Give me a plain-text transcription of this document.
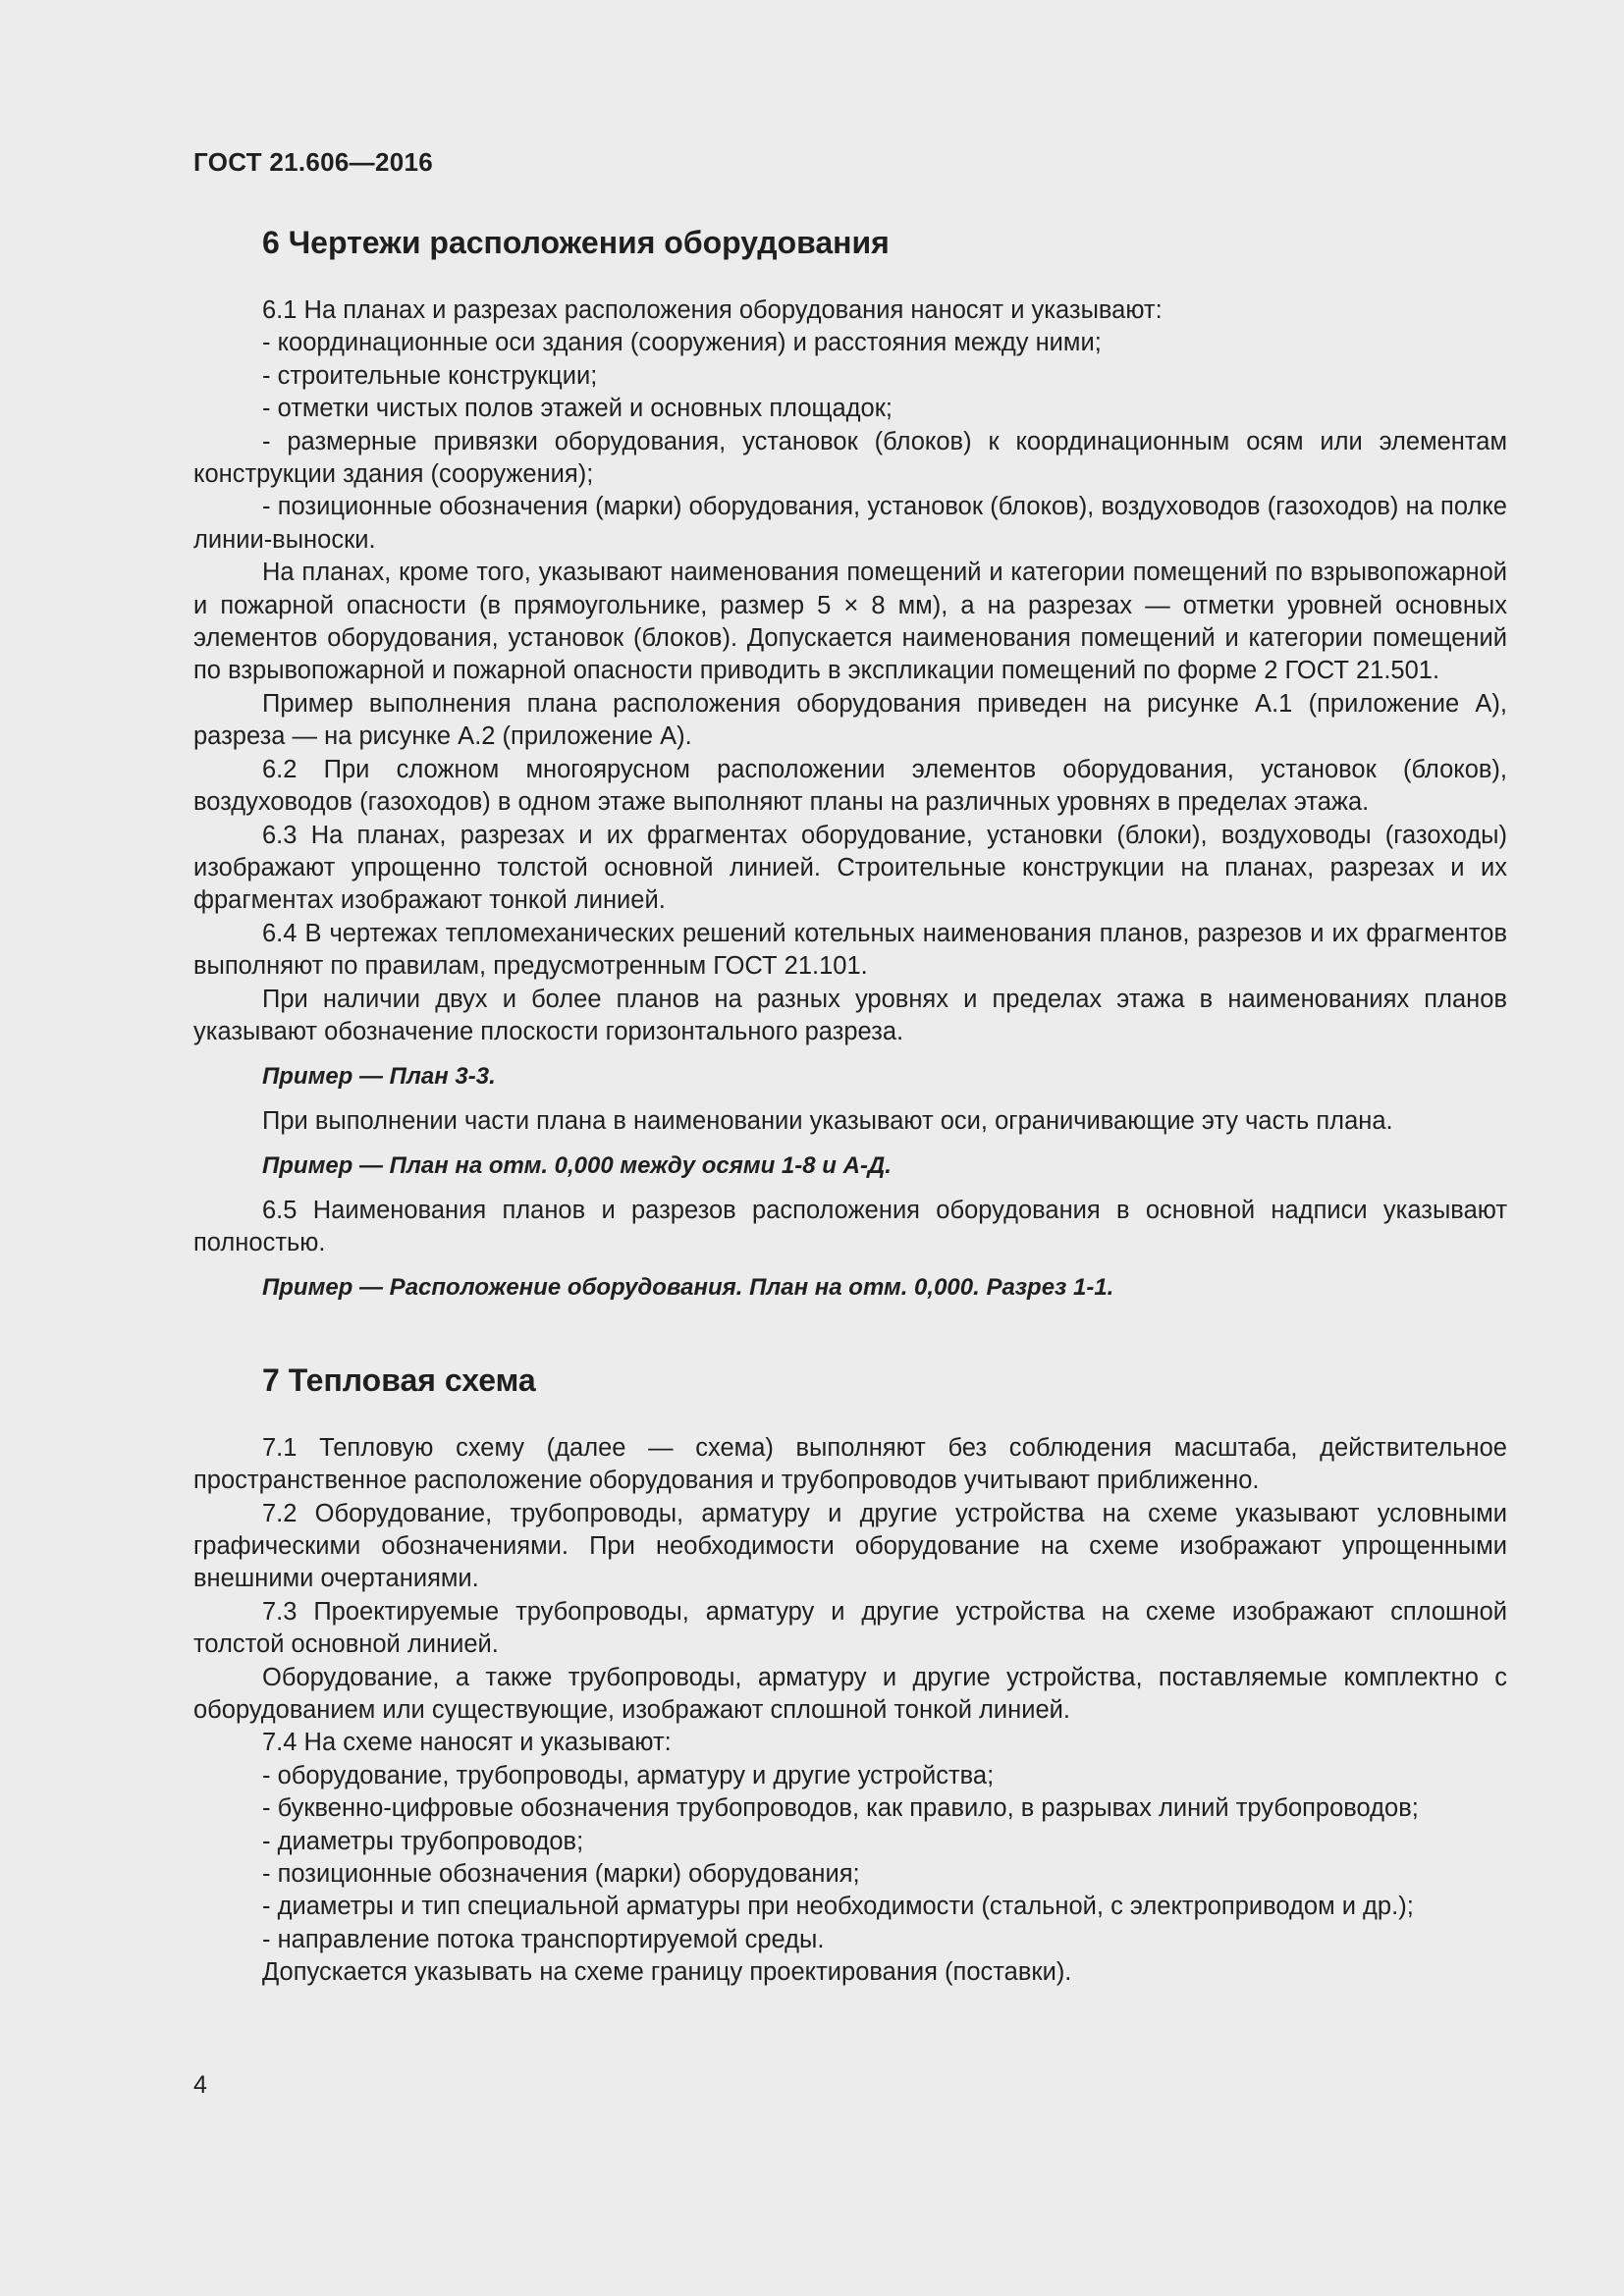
ГОСТ 21.606—2016

6 Чертежи расположения оборудования

6.1 На планах и разрезах расположения оборудования наносят и указывают:

- координационные оси здания (сооружения) и расстояния между ними;

- строительные конструкции;

- отметки чистых полов этажей и основных площадок;

- размерные привязки оборудования, установок (блоков) к координационным осям или элементам конструкции здания (сооружения);

- позиционные обозначения (марки) оборудования, установок (блоков), воздуховодов (газоходов) на полке линии-выноски.

На планах, кроме того, указывают наименования помещений и категории помещений по взрывопожарной и пожарной опасности (в прямоугольнике, размер 5 × 8 мм), а на разрезах — отметки уровней основных элементов оборудования, установок (блоков). Допускается наименования помещений и категории помещений по взрывопожарной и пожарной опасности приводить в экспликации помещений по форме 2 ГОСТ 21.501.

Пример выполнения плана расположения оборудования приведен на рисунке А.1 (приложение А), разреза — на рисунке А.2 (приложение А).

6.2 При сложном многоярусном расположении элементов оборудования, установок (блоков), воздуховодов (газоходов) в одном этаже выполняют планы на различных уровнях в пределах этажа.

6.3 На планах, разрезах и их фрагментах оборудование, установки (блоки), воздуховоды (газоходы) изображают упрощенно толстой основной линией. Строительные конструкции на планах, разрезах и их фрагментах изображают тонкой линией.

6.4 В чертежах тепломеханических решений котельных наименования планов, разрезов и их фрагментов выполняют по правилам, предусмотренным ГОСТ 21.101.

При наличии двух и более планов на разных уровнях и пределах этажа в наименованиях планов указывают обозначение плоскости горизонтального разреза.

Пример — План 3-3.

При выполнении части плана в наименовании указывают оси, ограничивающие эту часть плана.

Пример — План на отм. 0,000 между осями 1-8 и А-Д.

6.5 Наименования планов и разрезов расположения оборудования в основной надписи указывают полностью.

Пример — Расположение оборудования. План на отм. 0,000. Разрез 1-1.

7 Тепловая схема

7.1 Тепловую схему (далее — схема) выполняют без соблюдения масштаба, действительное пространственное расположение оборудования и трубопроводов учитывают приближенно.

7.2 Оборудование, трубопроводы, арматуру и другие устройства на схеме указывают условными графическими обозначениями. При необходимости оборудование на схеме изображают упрощенными внешними очертаниями.

7.3 Проектируемые трубопроводы, арматуру и другие устройства на схеме изображают сплошной толстой основной линией.

Оборудование, а также трубопроводы, арматуру и другие устройства, поставляемые комплектно с оборудованием или существующие, изображают сплошной тонкой линией.

7.4 На схеме наносят и указывают:

- оборудование, трубопроводы, арматуру и другие устройства;

- буквенно-цифровые обозначения трубопроводов, как правило, в разрывах линий трубопроводов;

- диаметры трубопроводов;

- позиционные обозначения (марки) оборудования;

- диаметры и тип специальной арматуры при необходимости (стальной, с электроприводом и др.);

- направление потока транспортируемой среды.

Допускается указывать на схеме границу проектирования (поставки).

4
